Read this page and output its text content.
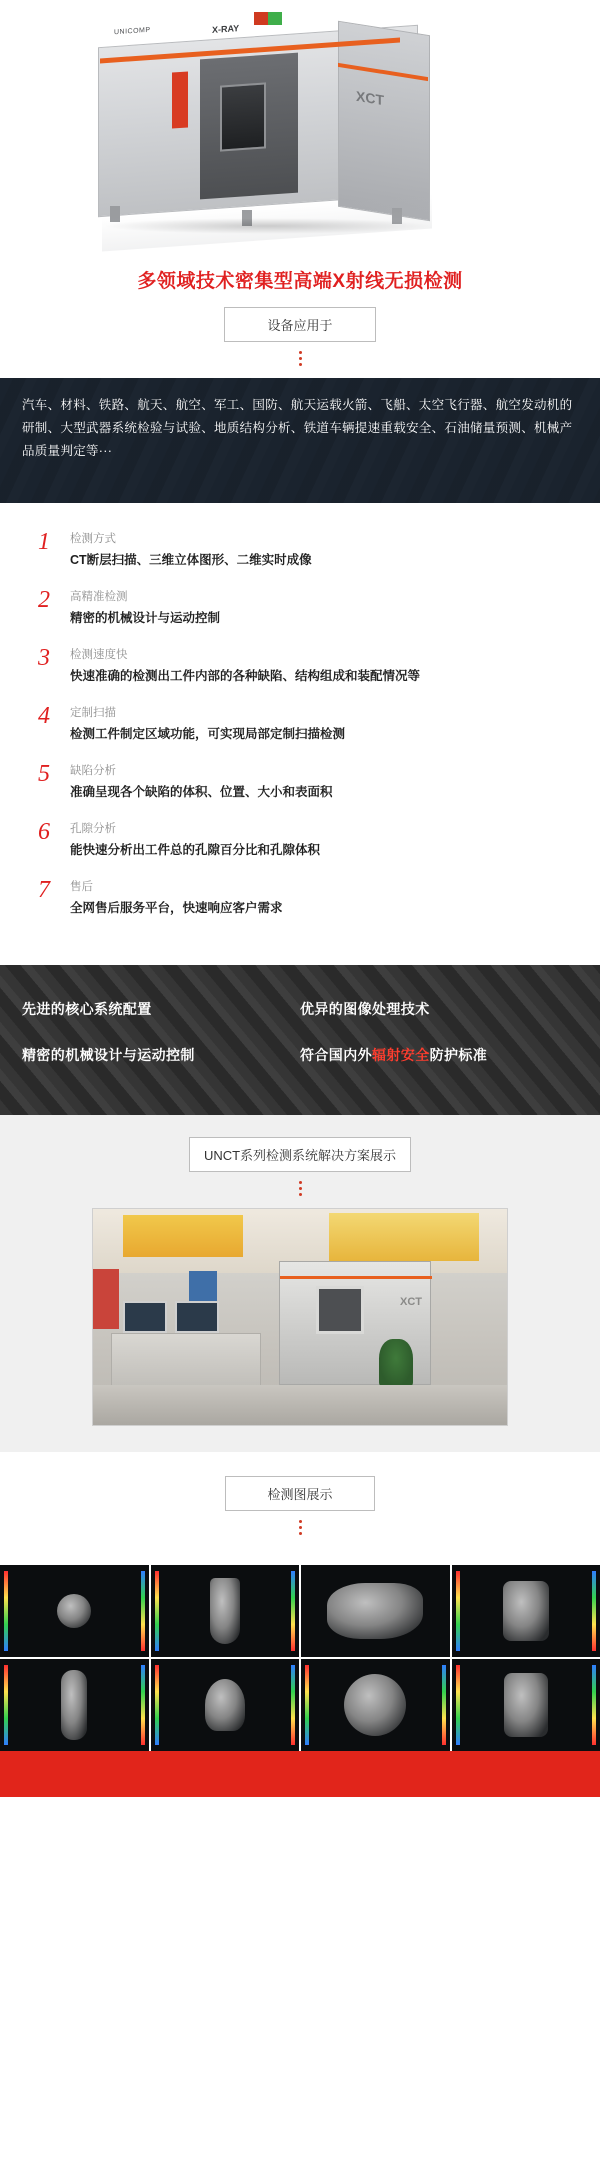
UNICOMP	X-RAY
XCT
多领域技术密集型高端X射线无损检测
设备应用于
汽车、材料、铁路、航天、航空、军工、国防、航天运载火箭、飞船、太空飞行器、航空发动机的研制、大型武器系统检验与试验、地质结构分析、铁道车辆提速重载安全、石油储量预测、机械产品质量判定等···
1	检测方式
CT断层扫描、三维立体图形、二维实时成像
2	高精准检测
精密的机械设计与运动控制
3	检测速度快
快速准确的检测出工件内部的各种缺陷、结构组成和装配情况等
4	定制扫描
检测工件制定区域功能，可实现局部定制扫描检测
5	缺陷分析
准确呈现各个缺陷的体积、位置、大小和表面积
6	孔隙分析
能快速分析出工件总的孔隙百分比和孔隙体积
7	售后
全网售后服务平台，快速响应客户需求
先进的核心系统配置	优异的图像处理技术
精密的机械设计与运动控制	符合国内外辐射安全防护标准
UNCT系列检测系统解决方案展示
XCT
检测图展示
